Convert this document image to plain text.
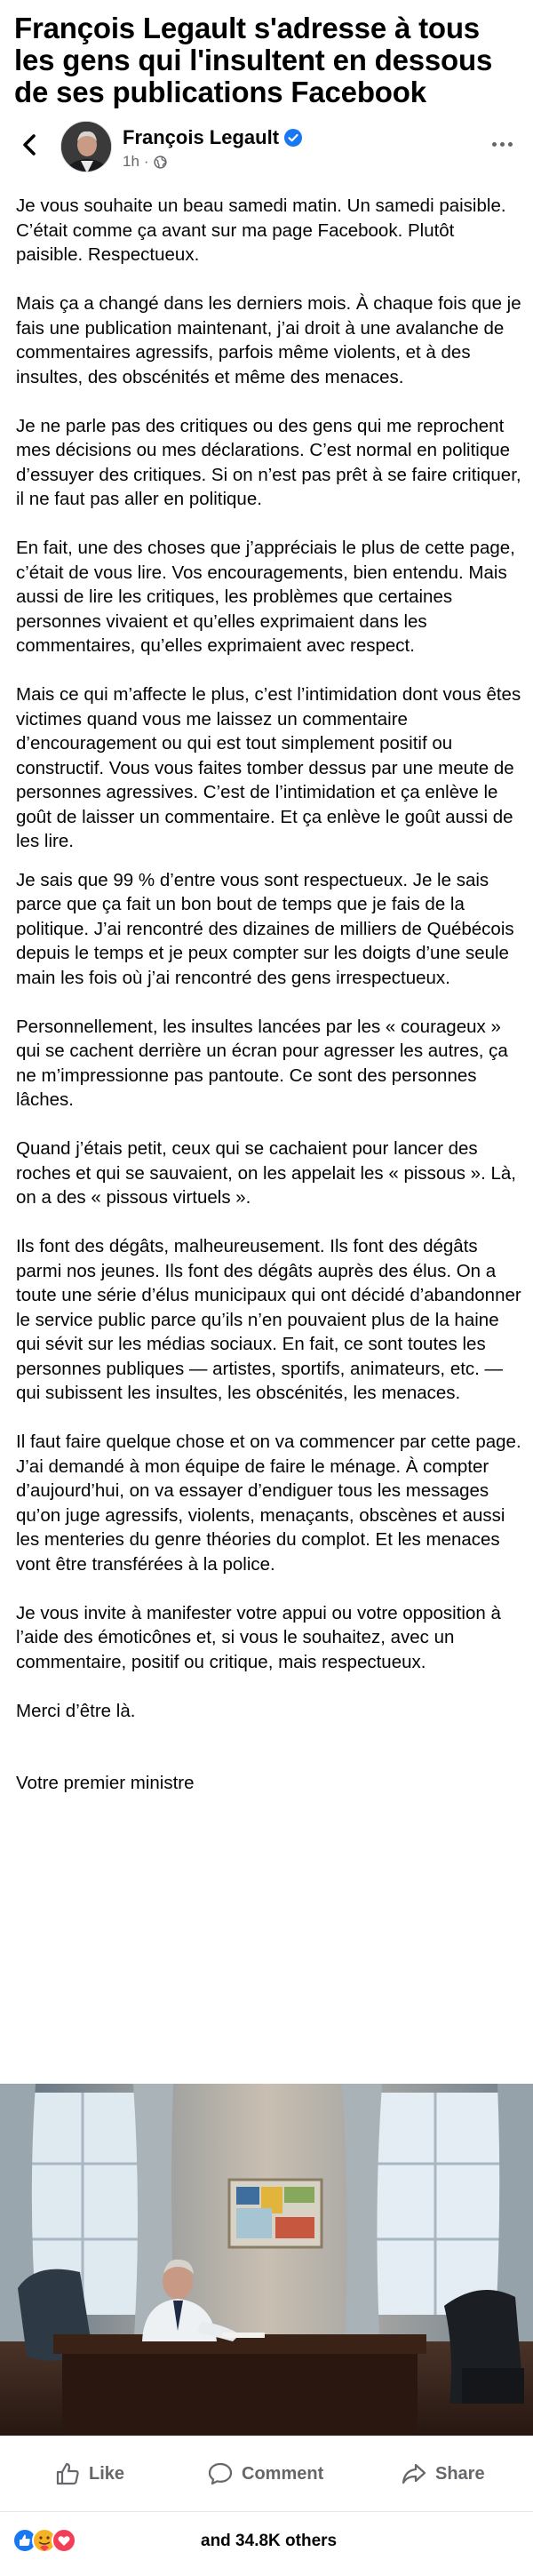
François Legault s'adresse à tous les gens qui l'insultent en dessous de ses publications Facebook
François Legault
1h ·

Je vous souhaite un beau samedi matin. Un samedi paisible. C’était comme ça avant sur ma page Facebook. Plutôt paisible. Respectueux.

Mais ça a changé dans les derniers mois. À chaque fois que je fais une publication maintenant, j’ai droit à une avalanche de commentaires agressifs, parfois même violents, et à des insultes, des obscénités et même des menaces.

Je ne parle pas des critiques ou des gens qui me reprochent mes décisions ou mes déclarations. C’est normal en politique d’essuyer des critiques. Si on n’est pas prêt à se faire critiquer, il ne faut pas aller en politique.

En fait, une des choses que j’appréciais le plus de cette page, c’était de vous lire. Vos encouragements, bien entendu. Mais aussi de lire les critiques, les problèmes que certaines personnes vivaient et qu’elles exprimaient dans les commentaires, qu’elles exprimaient avec respect.

Mais ce qui m’affecte le plus, c’est l’intimidation dont vous êtes victimes quand vous me laissez un commentaire d’encouragement ou qui est tout simplement positif ou constructif. Vous vous faites tomber dessus par une meute de personnes agressives. C’est de l’intimidation et ça enlève le goût de laisser un commentaire. Et ça enlève le goût aussi de les lire.

Je sais que 99 % d’entre vous sont respectueux. Je le sais parce que ça fait un bon bout de temps que je fais de la politique. J’ai rencontré des dizaines de milliers de Québécois depuis le temps et je peux compter sur les doigts d’une seule main les fois où j’ai rencontré des gens irrespectueux.

Personnellement, les insultes lancées par les « courageux » qui se cachent derrière un écran pour agresser les autres, ça ne m’impressionne pas pantoute. Ce sont des personnes lâches.

Quand j’étais petit, ceux qui se cachaient pour lancer des roches et qui se sauvaient, on les appelait les « pissous ». Là, on a des « pissous virtuels ».

Ils font des dégâts, malheureusement. Ils font des dégâts parmi nos jeunes. Ils font des dégâts auprès des élus. On a toute une série d’élus municipaux qui ont décidé d’abandonner le service public parce qu’ils n’en pouvaient plus de la haine qui sévit sur les médias sociaux. En fait, ce sont toutes les personnes publiques — artistes, sportifs, animateurs, etc. — qui subissent les insultes, les obscénités, les menaces.

Il faut faire quelque chose et on va commencer par cette page. J’ai demandé à mon équipe de faire le ménage. À compter d’aujourd’hui, on va essayer d’endiguer tous les messages qu’on juge agressifs, violents, menaçants, obscènes et aussi les menteries du genre théories du complot. Et les menaces vont être transférées à la police.

Je vous invite à manifester votre appui ou votre opposition à l’aide des émoticônes et, si vous le souhaitez, avec un commentaire, positif ou critique, mais respectueux.

Merci d’être là.

Votre premier ministre

Like	Comment	Share
and 34.8K others
